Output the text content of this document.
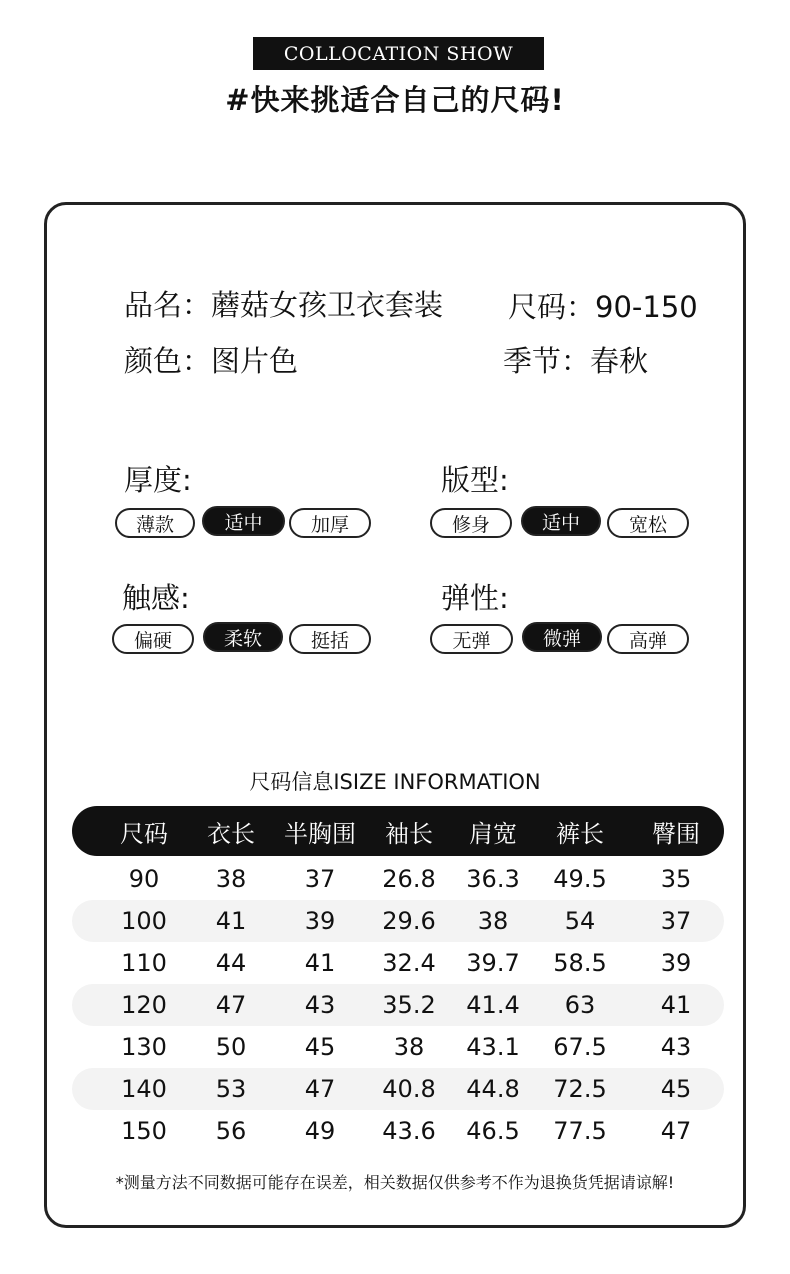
COLLOCATION SHOW
#快来挑适合自己的尺码!
品名：蘑菇女孩卫衣套装 尺码：90-150
颜色：图片色	季节：春秋
厚度:
薄款	适中	加厚
版型:
修身	适中	宽松
触感:
偏硬	柔软	挺括
弹性:
无弹	微弹	高弹
尺码信息ISIZE INFORMATION
尺码 衣长 半胸围 袖长 肩宽 裤长 臀围
90 38 37 26.8 36.3 49.5 35
100 41 39 29.6 38 54	37
110 44 41 32.4 39.7 58.5 39
120 47 43 35.2 41.4 63	41
130 50 45 38 43.1 67.5 43
140 53 47 40.8 44.8 72.5 45
150 56 49 43.6 46.5 77.5 47
*测量方法不同数据可能存在误差，相关数据仅供参考不作为退换货凭据请谅解!
